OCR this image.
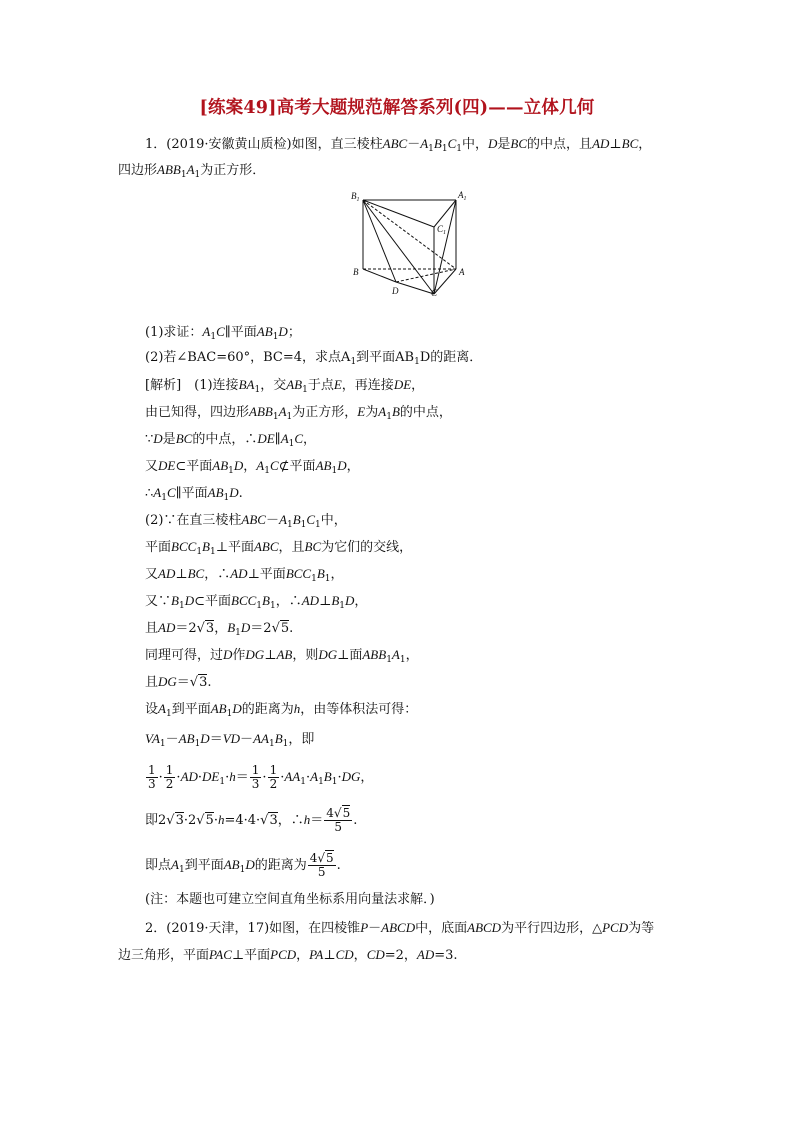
[练案49]高考大题规范解答系列(四)——立体几何
1．(2019·安徽黄山质检)如图，直三棱柱$ABC-A_1B_1C_1$中，D是BC的中点，且AD⊥BC，
四边形$ABB_1A_1$为正方形．
$B_1$	$A_1$
$C_1$
B	A
D	C
(1)求证：$A_1C\parallel$平面$AB_1D$；
(2)若∠BAC=60°，BC=4，求点$A_1$到平面$AB_1D$的距离．
[解析]　(1)连接$BA_1$，交$AB_1$于点E，再连接DE，
由已知得，四边形$ABB_1A_1$为正方形，E为$A_1B$的中点，
∵D是BC的中点，$\therefore DE\parallel A_1C$，
又DE⊂平面$AB_1D$，$A_1C⊄$平面$AB_1D$，
$\therefore A_1C\parallel$平面$AB_1D$.
(2)∵在直三棱柱$ABC-A_1B_1C_1$中，
平面$BCC_1B_1\perp$平面ABC，且BC为它们的交线，
又AD⊥BC，∴AD⊥平面$BCC_1B_1$，
又$\because B_1D\subset$平面$BCC_1B_1$，$\therefore AD\perp B_1D$，
且AD＝2√3，$B_1D=2√5$.
同理可得，过D作DG⊥AB，则DG⊥面$ABB_1A_1$，
且DG＝√3.
设$A_1$到平面$AB_1D$的距离为h，由等体积法可得：
$VA_1-AB_1D=VD-AA_1B_1$，即
$\frac{1}{3} \cdot \frac{1}{2} \cdot AD\cdot DE_1\cdot h= \frac{1}{3} \cdot \frac{1}{2} \cdot AA_1\cdot A_1B_1\cdot DG$，
即2√3·2√5·h=4·4·√3，∴h＝ $\frac{4√5}{5}$ .
即点$A_1$到平面$AB_1D$的距离为 $\frac{4√5}{5}$ .
(注：本题也可建立空间直角坐标系用向量法求解．)
2．(2019·天津，17)如图，在四棱锥P－ABCD中，底面ABCD为平行四边形，△PCD为等
边三角形，平面PAC⊥平面PCD，PA⊥CD，CD=2，AD=3.
